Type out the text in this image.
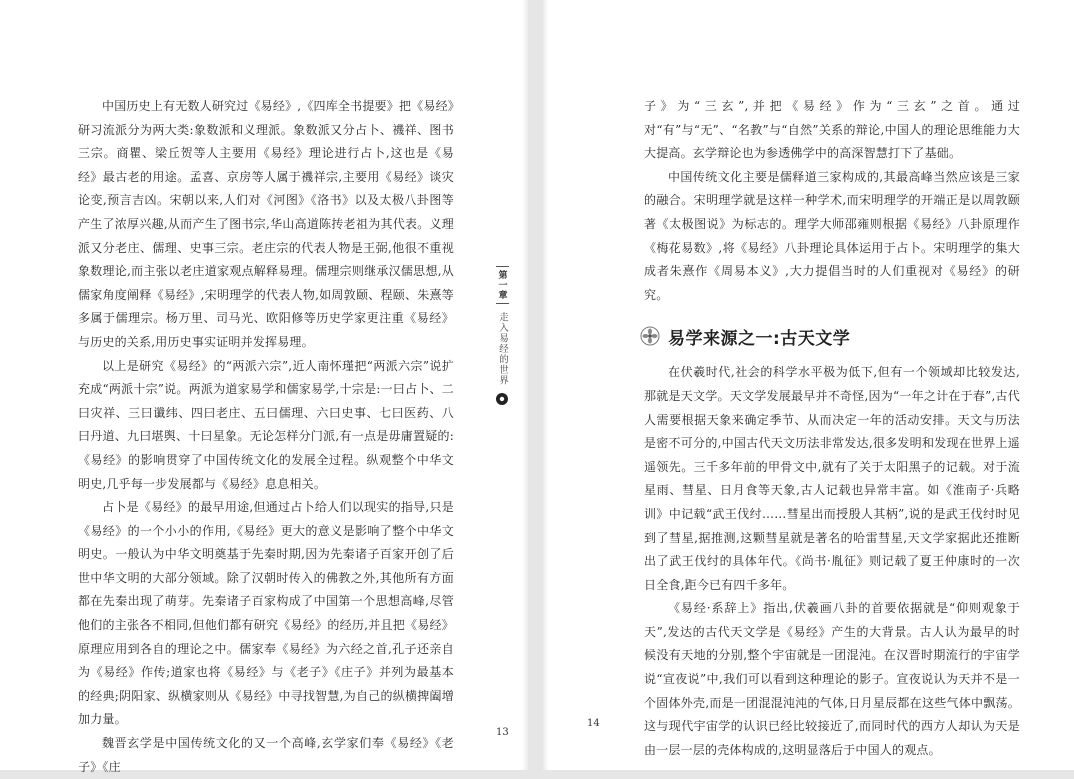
中国历史上有无数人研究过《易经》,《四库全书提要》把《易经》研习流派分为两大类:象数派和义理派。象数派又分占卜、禨祥、图书三宗。商瞿、梁丘贺等人主要用《易经》理论进行占卜,这也是《易经》最古老的用途。孟喜、京房等人属于禨祥宗,主要用《易经》谈灾论变,预言吉凶。宋朝以来,人们对《河图》《洛书》以及太极八卦图等产生了浓厚兴趣,从而产生了图书宗,华山高道陈抟老祖为其代表。义理派又分老庄、儒理、史事三宗。老庄宗的代表人物是王弼,他很不重视象数理论,而主张以老庄道家观点解释易理。儒理宗则继承汉儒思想,从儒家角度阐释《易经》,宋明理学的代表人物,如周敦颐、程颐、朱熹等多属于儒理宗。杨万里、司马光、欧阳修等历史学家更注重《易经》与历史的关系,用历史事实证明并发挥易理。

以上是研究《易经》的“两派六宗”,近人南怀瑾把“两派六宗”说扩充成“两派十宗”说。两派为道家易学和儒家易学,十宗是:一曰占卜、二曰灾祥、三曰谶纬、四曰老庄、五曰儒理、六曰史事、七曰医药、八曰丹道、九曰堪舆、十曰星象。无论怎样分门派,有一点是毋庸置疑的:《易经》的影响贯穿了中国传统文化的发展全过程。纵观整个中华文明史,几乎每一步发展都与《易经》息息相关。

占卜是《易经》的最早用途,但通过占卜给人们以现实的指导,只是《易经》的一个小小的作用,《易经》更大的意义是影响了整个中华文明史。一般认为中华文明奠基于先秦时期,因为先秦诸子百家开创了后世中华文明的大部分领域。除了汉朝时传入的佛教之外,其他所有方面都在先秦出现了萌芽。先秦诸子百家构成了中国第一个思想高峰,尽管他们的主张各不相同,但他们都有研究《易经》的经历,并且把《易经》原理应用到各自的理论之中。儒家奉《易经》为六经之首,孔子还亲自为《易经》作传;道家也将《易经》与《老子》《庄子》并列为最基本的经典;阴阳家、纵横家则从《易经》中寻找智慧,为自己的纵横捭阖增加力量。

魏晋玄学是中国传统文化的又一个高峰,玄学家们奉《易经》《老子》《庄

第一章
走入易经的世界
13

子》为“三玄”,并把《易经》作为“三玄”之首。通过对“有”与“无”、“名教”与“自然”关系的辩论,中国人的理论思维能力大大提高。玄学辩论也为参透佛学中的高深智慧打下了基础。

中国传统文化主要是儒释道三家构成的,其最高峰当然应该是三家的融合。宋明理学就是这样一种学术,而宋明理学的开端正是以周敦颐著《太极图说》为标志的。理学大师邵雍则根据《易经》八卦原理作《梅花易数》,将《易经》八卦理论具体运用于占卜。宋明理学的集大成者朱熹作《周易本义》,大力提倡当时的人们重视对《易经》的研究。

易学来源之一:古天文学

在伏羲时代,社会的科学水平极为低下,但有一个领域却比较发达,那就是天文学。天文学发展最早并不奇怪,因为“一年之计在于春”,古代人需要根据天象来确定季节、从而决定一年的活动安排。天文与历法是密不可分的,中国古代天文历法非常发达,很多发明和发现在世界上遥遥领先。三千多年前的甲骨文中,就有了关于太阳黑子的记载。对于流星雨、彗星、日月食等天象,古人记载也异常丰富。如《淮南子·兵略训》中记载“武王伐纣……彗星出而授殷人其柄”,说的是武王伐纣时见到了彗星,据推测,这颗彗星就是著名的哈雷彗星,天文学家据此还推断出了武王伐纣的具体年代。《尚书·胤征》则记载了夏王仲康时的一次日全食,距今已有四千多年。

《易经·系辞上》指出,伏羲画八卦的首要依据就是“仰则观象于天”,发达的古代天文学是《易经》产生的大背景。古人认为最早的时候没有天地的分别,整个宇宙就是一团混沌。在汉晋时期流行的宇宙学说“宣夜说”中,我们可以看到这种理论的影子。宣夜说认为天并不是一个固体外壳,而是一团混混沌沌的气体,日月星辰都在这些气体中飘荡。这与现代宇宙学的认识已经比较接近了,而同时代的西方人却认为天是由一层一层的壳体构成的,这明显落后于中国人的观点。

14
